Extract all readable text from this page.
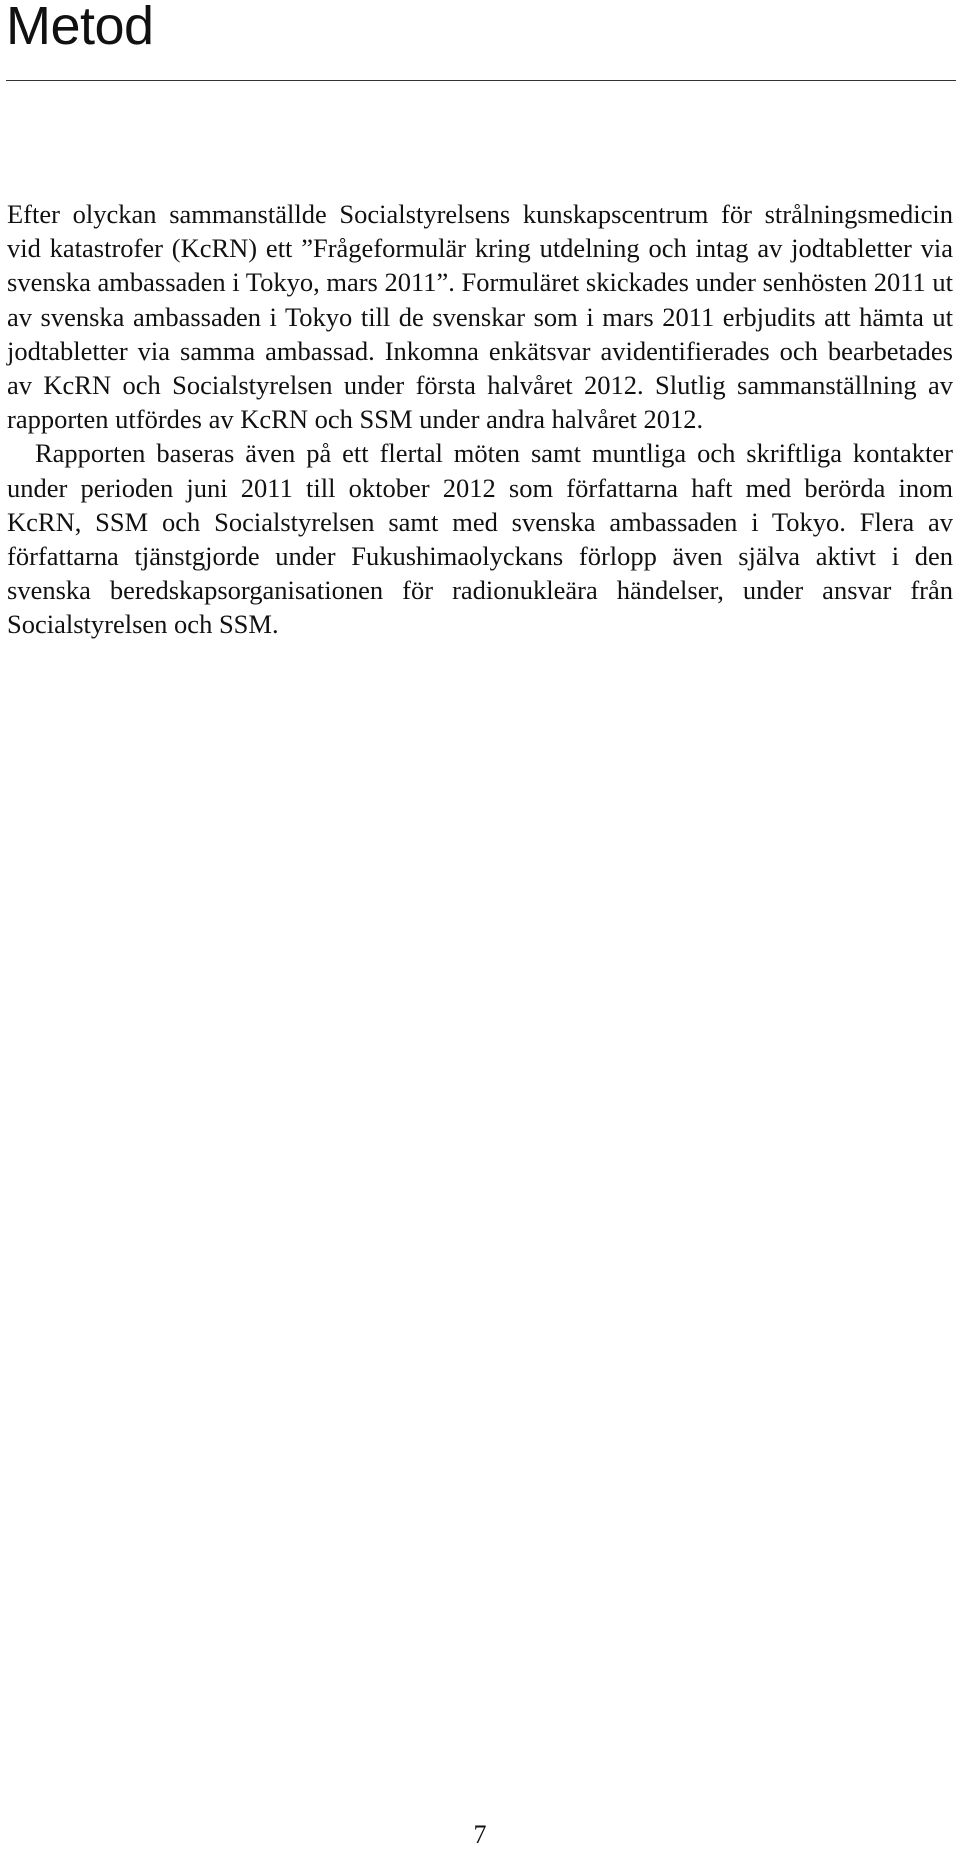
Metod

Efter olyckan sammanställde Socialstyrelsens kunskapscentrum för strålningsmedicin vid katastrofer (KcRN) ett ”Frågeformulär kring utdelning och intag av jodtabletter via svenska ambassaden i Tokyo, mars 2011”. Formuläret skickades under senhösten 2011 ut av svenska ambassaden i Tokyo till de svenskar som i mars 2011 erbjudits att hämta ut jodtabletter via samma ambassad. Inkomna enkätsvar avidentifierades och bearbetades av KcRN och Socialstyrelsen under första halvåret 2012. Slutlig sammanställning av rapporten utfördes av KcRN och SSM under andra halvåret 2012.

Rapporten baseras även på ett flertal möten samt muntliga och skriftliga kontakter under perioden juni 2011 till oktober 2012 som författarna haft med berörda inom KcRN, SSM och Socialstyrelsen samt med svenska ambassaden i Tokyo. Flera av författarna tjänstgjorde under Fukushimaolyckans förlopp även själva aktivt i den svenska beredskapsorganisationen för radionukleära händelser, under ansvar från Socialstyrelsen och SSM.

7
